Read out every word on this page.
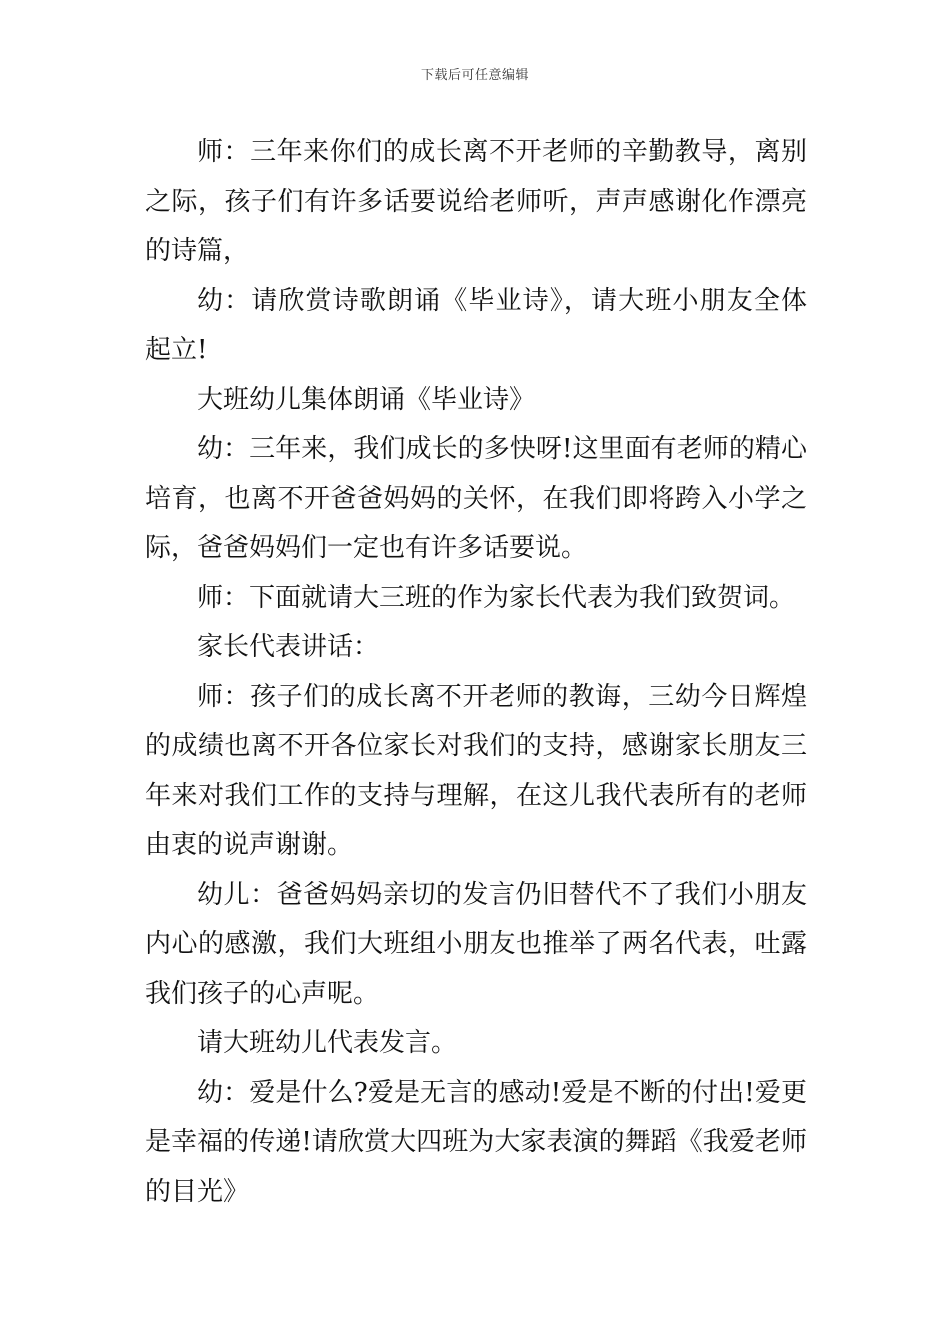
下载后可任意编辑

师：三年来你们的成长离不开老师的辛勤教导，离别之际，孩子们有许多话要说给老师听，声声感谢化作漂亮的诗篇，

幼：请欣赏诗歌朗诵《毕业诗》，请大班小朋友全体起立!

大班幼儿集体朗诵《毕业诗》

幼：三年来，我们成长的多快呀!这里面有老师的精心培育，也离不开爸爸妈妈的关怀，在我们即将跨入小学之际，爸爸妈妈们一定也有许多话要说。

师：下面就请大三班的作为家长代表为我们致贺词。

家长代表讲话：

师：孩子们的成长离不开老师的教诲，三幼今日辉煌的成绩也离不开各位家长对我们的支持，感谢家长朋友三年来对我们工作的支持与理解，在这儿我代表所有的老师由衷的说声谢谢。

幼儿：爸爸妈妈亲切的发言仍旧替代不了我们小朋友内心的感激，我们大班组小朋友也推举了两名代表，吐露我们孩子的心声呢。

请大班幼儿代表发言。

幼：爱是什么?爱是无言的感动!爱是不断的付出!爱更是幸福的传递!请欣赏大四班为大家表演的舞蹈《我爱老师的目光》
